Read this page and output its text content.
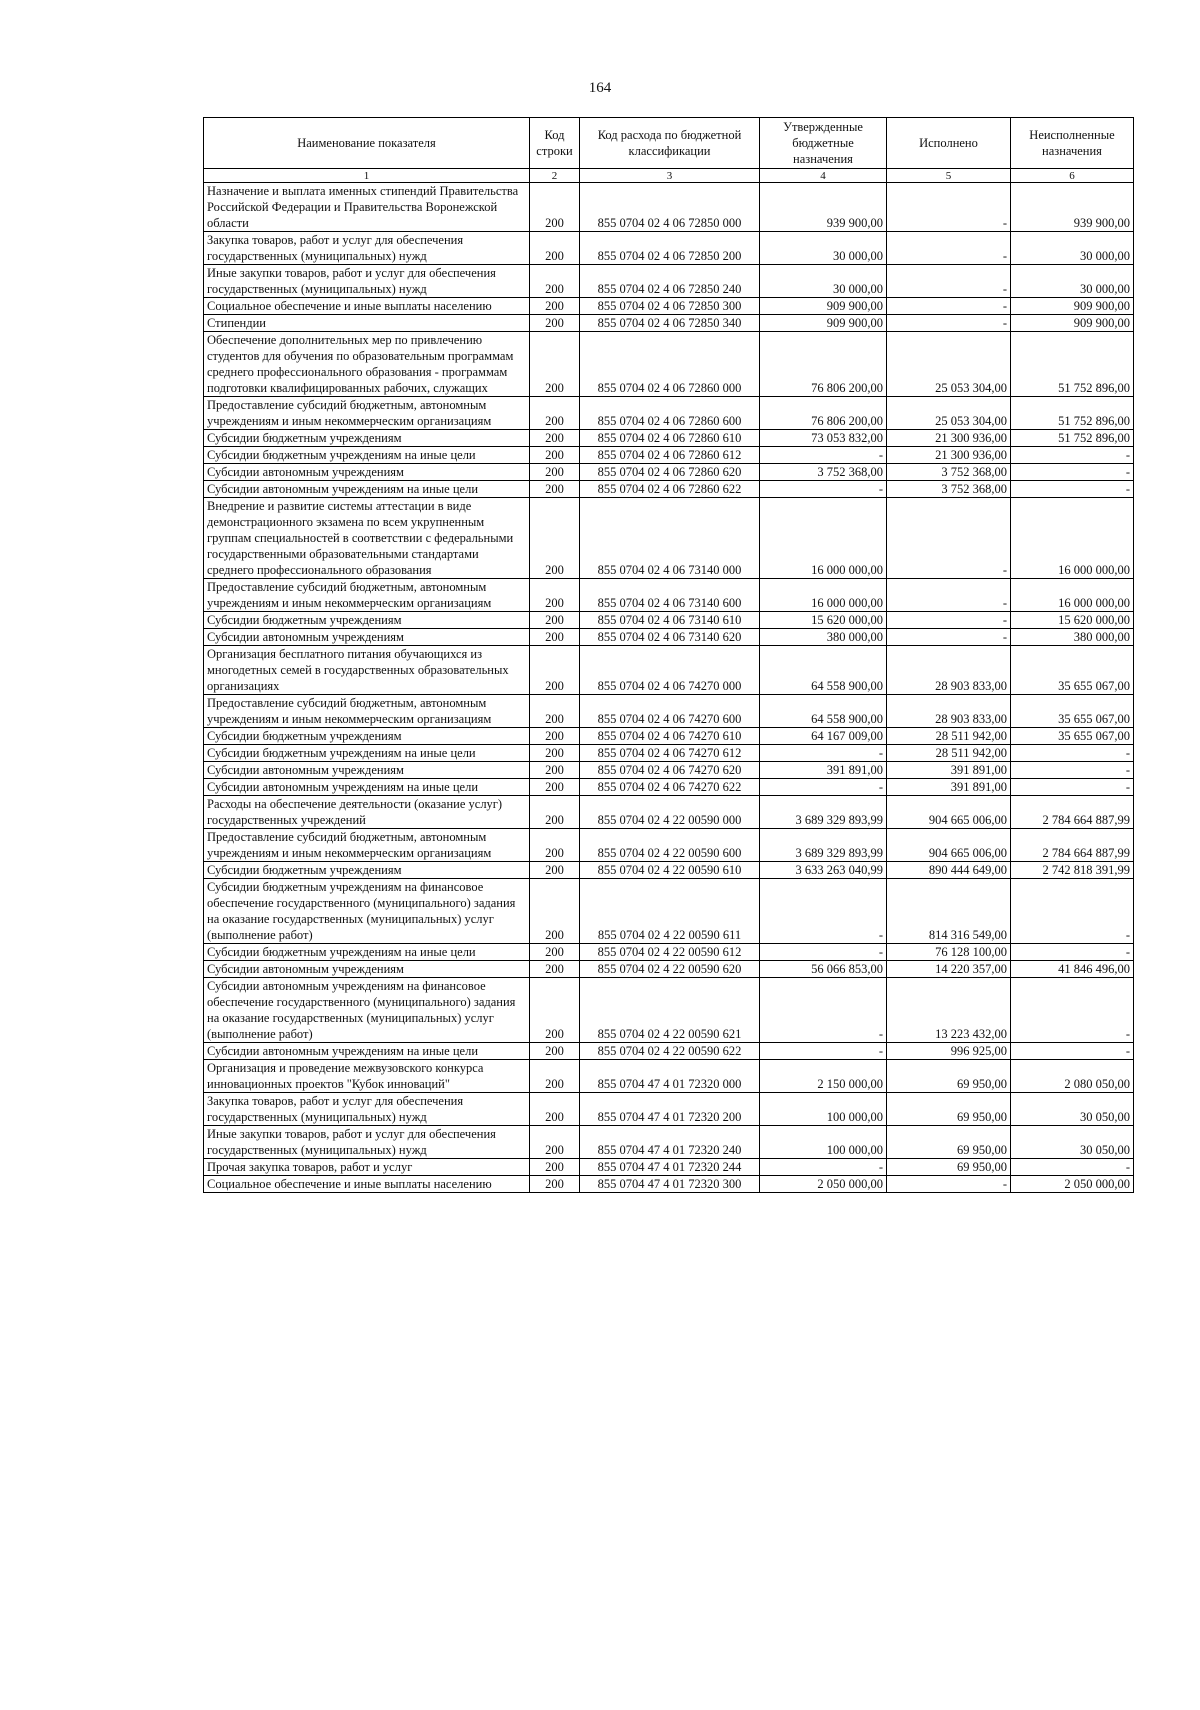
164
Наименование показателя	Код строки	Код расхода по бюджетной классификации	Утвержденные бюджетные назначения	Исполнено	Неисполненные назначения
1	2	3	4	5	6
Назначение и выплата именных стипендий Правительства Российской Федерации и Правительства Воронежской области	200	855 0704 02 4 06 72850 000	939 900,00	-	939 900,00
Закупка товаров, работ и услуг для обеспечения государственных (муниципальных) нужд	200	855 0704 02 4 06 72850 200	30 000,00	-	30 000,00
Иные закупки товаров, работ и услуг для обеспечения государственных (муниципальных) нужд	200	855 0704 02 4 06 72850 240	30 000,00	-	30 000,00
Социальное обеспечение и иные выплаты населению	200	855 0704 02 4 06 72850 300	909 900,00	-	909 900,00
Стипендии	200	855 0704 02 4 06 72850 340	909 900,00	-	909 900,00
Обеспечение дополнительных мер по привлечению студентов для обучения по образовательным программам среднего профессионального образования - программам подготовки квалифицированных рабочих, служащих	200	855 0704 02 4 06 72860 000	76 806 200,00	25 053 304,00	51 752 896,00
Предоставление субсидий бюджетным, автономным учреждениям и иным некоммерческим организациям	200	855 0704 02 4 06 72860 600	76 806 200,00	25 053 304,00	51 752 896,00
Субсидии бюджетным учреждениям	200	855 0704 02 4 06 72860 610	73 053 832,00	21 300 936,00	51 752 896,00
Субсидии бюджетным учреждениям на иные цели	200	855 0704 02 4 06 72860 612	-	21 300 936,00	-
Субсидии автономным учреждениям	200	855 0704 02 4 06 72860 620	3 752 368,00	3 752 368,00	-
Субсидии автономным учреждениям на иные цели	200	855 0704 02 4 06 72860 622	-	3 752 368,00	-
Внедрение и развитие системы аттестации в виде демонстрационного экзамена по всем укрупненным группам специальностей в соответствии с федеральными государственными образовательными стандартами среднего профессионального образования	200	855 0704 02 4 06 73140 000	16 000 000,00	-	16 000 000,00
Предоставление субсидий бюджетным, автономным учреждениям и иным некоммерческим организациям	200	855 0704 02 4 06 73140 600	16 000 000,00	-	16 000 000,00
Субсидии бюджетным учреждениям	200	855 0704 02 4 06 73140 610	15 620 000,00	-	15 620 000,00
Субсидии автономным учреждениям	200	855 0704 02 4 06 73140 620	380 000,00	-	380 000,00
Организация бесплатного питания обучающихся из многодетных семей в государственных образовательных организациях	200	855 0704 02 4 06 74270 000	64 558 900,00	28 903 833,00	35 655 067,00
Предоставление субсидий бюджетным, автономным учреждениям и иным некоммерческим организациям	200	855 0704 02 4 06 74270 600	64 558 900,00	28 903 833,00	35 655 067,00
Субсидии бюджетным учреждениям	200	855 0704 02 4 06 74270 610	64 167 009,00	28 511 942,00	35 655 067,00
Субсидии бюджетным учреждениям на иные цели	200	855 0704 02 4 06 74270 612	-	28 511 942,00	-
Субсидии автономным учреждениям	200	855 0704 02 4 06 74270 620	391 891,00	391 891,00	-
Субсидии автономным учреждениям на иные цели	200	855 0704 02 4 06 74270 622	-	391 891,00	-
Расходы на обеспечение деятельности (оказание услуг) государственных учреждений	200	855 0704 02 4 22 00590 000	3 689 329 893,99	904 665 006,00	2 784 664 887,99
Предоставление субсидий бюджетным, автономным учреждениям и иным некоммерческим организациям	200	855 0704 02 4 22 00590 600	3 689 329 893,99	904 665 006,00	2 784 664 887,99
Субсидии бюджетным учреждениям	200	855 0704 02 4 22 00590 610	3 633 263 040,99	890 444 649,00	2 742 818 391,99
Субсидии бюджетным учреждениям на финансовое обеспечение государственного (муниципального) задания на оказание государственных (муниципальных) услуг (выполнение работ)	200	855 0704 02 4 22 00590 611	-	814 316 549,00	-
Субсидии бюджетным учреждениям на иные цели	200	855 0704 02 4 22 00590 612	-	76 128 100,00	-
Субсидии автономным учреждениям	200	855 0704 02 4 22 00590 620	56 066 853,00	14 220 357,00	41 846 496,00
Субсидии автономным учреждениям на финансовое обеспечение государственного (муниципального) задания на оказание государственных (муниципальных) услуг (выполнение работ)	200	855 0704 02 4 22 00590 621	-	13 223 432,00	-
Субсидии автономным учреждениям на иные цели	200	855 0704 02 4 22 00590 622	-	996 925,00	-
Организация и проведение межвузовского конкурса инновационных проектов "Кубок инноваций"	200	855 0704 47 4 01 72320 000	2 150 000,00	69 950,00	2 080 050,00
Закупка товаров, работ и услуг для обеспечения государственных (муниципальных) нужд	200	855 0704 47 4 01 72320 200	100 000,00	69 950,00	30 050,00
Иные закупки товаров, работ и услуг для обеспечения государственных (муниципальных) нужд	200	855 0704 47 4 01 72320 240	100 000,00	69 950,00	30 050,00
Прочая закупка товаров, работ и услуг	200	855 0704 47 4 01 72320 244	-	69 950,00	-
Социальное обеспечение и иные выплаты населению	200	855 0704 47 4 01 72320 300	2 050 000,00	-	2 050 000,00
